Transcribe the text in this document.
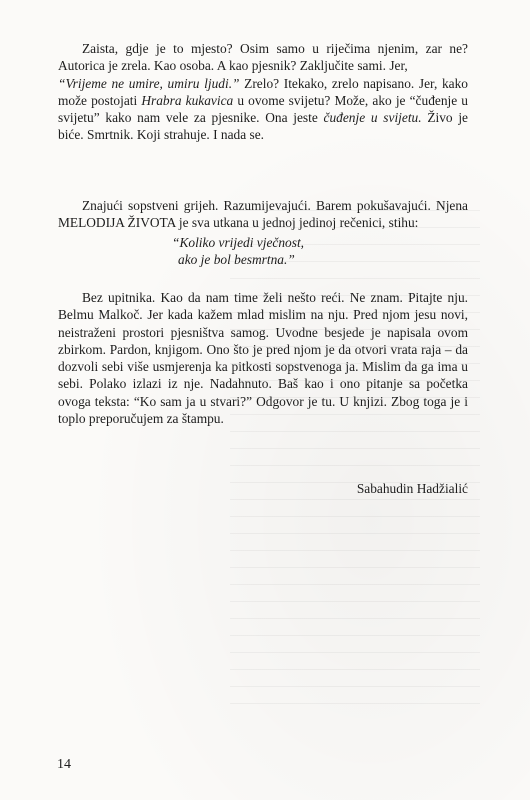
Zaista, gdje je to mjesto? Osim samo u riječima njenim, zar ne? Autorica je zrela. Kao osoba. A kao pjesnik? Zaključite sami. Jer,
“Vrijeme ne umire, umiru ljudi.” Zrelo? Itekako, zrelo napisano. Jer, kako može postojati Hrabra kukavica u ovome svijetu? Može, ako je “čuđenje u svijetu” kako nam vele za pjesnike. Ona jeste čuđenje u svijetu. Živo je biće. Smrtnik. Koji strahuje. I nada se.

Znajući sopstveni grijeh. Razumijevajući. Barem pokušavajući. Njena MELODIJA ŽIVOTA je sva utkana u jednoj jedinoj rečenici, stihu:

“Koliko vrijedi vječnost,
ako je bol besmrtna.”

Bez upitnika. Kao da nam time želi nešto reći. Ne znam. Pitajte nju. Belmu Malkoč. Jer kada kažem mlad mislim na nju. Pred njom jesu novi, neistraženi prostori pjesništva samog. Uvodne besjede je napisala ovom zbirkom. Pardon, knjigom. Ono što je pred njom je da otvori vrata raja – da dozvoli sebi više usmjerenja ka pitkosti sopstvenoga ja. Mislim da ga ima u sebi. Polako izlazi iz nje. Nadahnuto. Baš kao i ono pitanje sa početka ovoga teksta: “Ko sam ja u stvari?” Odgovor je tu. U knjizi. Zbog toga je i toplo preporučujem za štampu.

Sabahudin Hadžialić
14
